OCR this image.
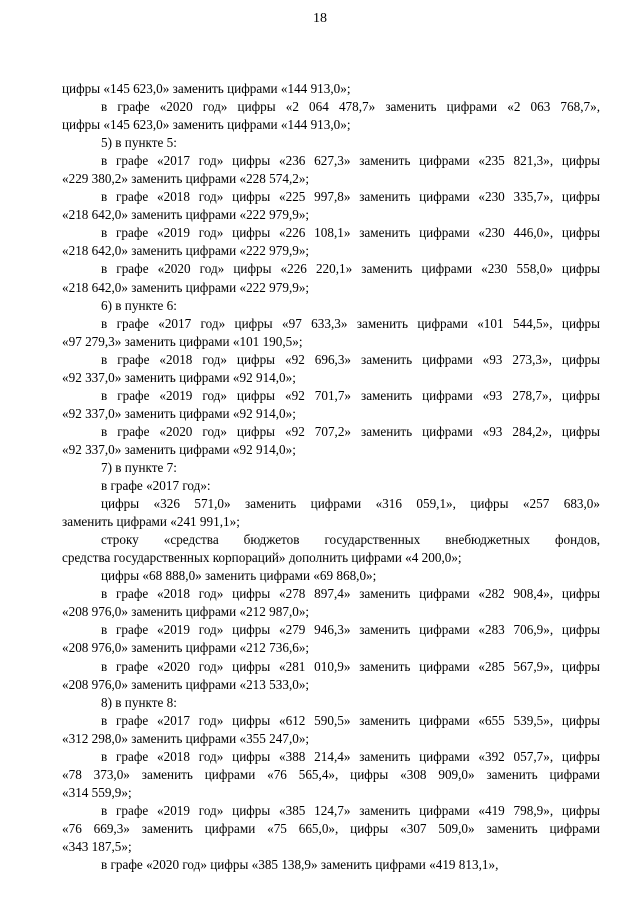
18
цифры «145 623,0» заменить цифрами «144 913,0»;
в графе «2020 год» цифры «2 064 478,7» заменить цифрами «2 063 768,7»,
цифры «145 623,0» заменить цифрами «144 913,0»;
5) в пункте 5:
в графе «2017 год» цифры «236 627,3» заменить цифрами «235 821,3», цифры
«229 380,2» заменить цифрами «228 574,2»;
в графе «2018 год» цифры «225 997,8» заменить цифрами «230 335,7», цифры
«218 642,0» заменить цифрами «222 979,9»;
в графе «2019 год» цифры «226 108,1» заменить цифрами «230 446,0», цифры
«218 642,0» заменить цифрами «222 979,9»;
в графе «2020 год» цифры «226 220,1» заменить цифрами «230 558,0» цифры
«218 642,0» заменить цифрами «222 979,9»;
6) в пункте 6:
в графе «2017 год» цифры «97 633,3» заменить цифрами «101 544,5», цифры
«97 279,3» заменить цифрами «101 190,5»;
в графе «2018 год» цифры «92 696,3» заменить цифрами «93 273,3», цифры
«92 337,0» заменить цифрами «92 914,0»;
в графе «2019 год» цифры «92 701,7» заменить цифрами «93 278,7», цифры
«92 337,0» заменить цифрами «92 914,0»;
в графе «2020 год» цифры «92 707,2» заменить цифрами «93 284,2», цифры
«92 337,0» заменить цифрами «92 914,0»;
7) в пункте 7:
в графе «2017 год»:
цифры «326 571,0» заменить цифрами «316 059,1», цифры «257 683,0»
заменить цифрами «241 991,1»;
строку «средства бюджетов государственных внебюджетных фондов,
средства государственных корпораций» дополнить цифрами «4 200,0»;
цифры «68 888,0» заменить цифрами «69 868,0»;
в графе «2018 год» цифры «278 897,4» заменить цифрами «282 908,4», цифры
«208 976,0» заменить цифрами «212 987,0»;
в графе «2019 год» цифры «279 946,3» заменить цифрами «283 706,9», цифры
«208 976,0» заменить цифрами «212 736,6»;
в графе «2020 год» цифры «281 010,9» заменить цифрами «285 567,9», цифры
«208 976,0» заменить цифрами «213 533,0»;
8) в пункте 8:
в графе «2017 год» цифры «612 590,5» заменить цифрами «655 539,5», цифры
«312 298,0» заменить цифрами «355 247,0»;
в графе «2018 год» цифры «388 214,4» заменить цифрами «392 057,7», цифры
«78 373,0» заменить цифрами «76 565,4», цифры «308 909,0» заменить цифрами
«314 559,9»;
в графе «2019 год» цифры «385 124,7» заменить цифрами «419 798,9», цифры
«76 669,3» заменить цифрами «75 665,0», цифры «307 509,0» заменить цифрами
«343 187,5»;
в графе «2020 год» цифры «385 138,9» заменить цифрами «419 813,1»,
